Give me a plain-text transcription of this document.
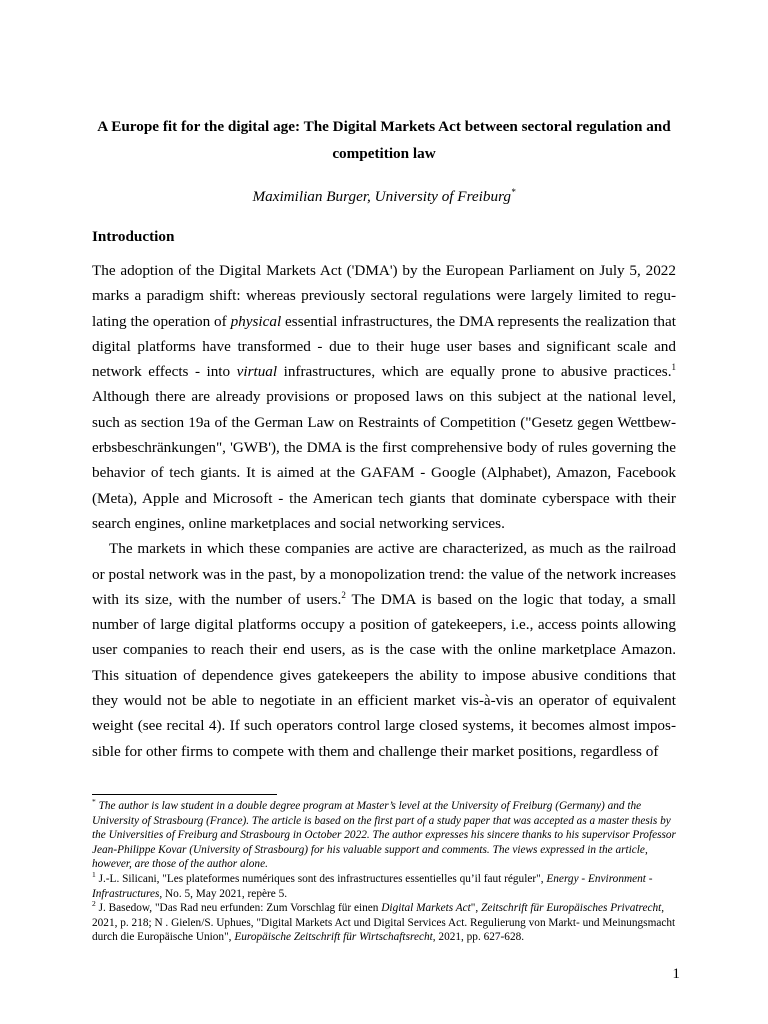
A Europe fit for the digital age: The Digital Markets Act between sectoral regulation and competition law
Maximilian Burger, University of Freiburg*
Introduction

The adoption of the Digital Markets Act ('DMA') by the European Parliament on July 5, 2022 marks a paradigm shift: whereas previously sectoral regulations were largely limited to regulating the operation of physical essential infrastructures, the DMA represents the realization that digital platforms have transformed - due to their huge user bases and significant scale and network effects - into virtual infrastructures, which are equally prone to abusive practices.$^1$ Although there are already provisions or proposed laws on this subject at the national level, such as section 19a of the German Law on Restraints of Competition ("Gesetz gegen Wettbewerbsbeschränkungen", 'GWB'), the DMA is the first comprehensive body of rules governing the behavior of tech giants. It is aimed at the GAFAM - Google (Alphabet), Amazon, Facebook (Meta), Apple and Microsoft - the American tech giants that dominate cyberspace with their search engines, online marketplaces and social networking services.

The markets in which these companies are active are characterized, as much as the railroad or postal network was in the past, by a monopolization trend: the value of the network increases with its size, with the number of users.$^2$ The DMA is based on the logic that today, a small number of large digital platforms occupy a position of gatekeepers, i.e., access points allowing user companies to reach their end users, as is the case with the online marketplace Amazon. This situation of dependence gives gatekeepers the ability to impose abusive conditions that they would not be able to negotiate in an efficient market vis-à-vis an operator of equivalent weight (see recital 4). If such operators control large closed systems, it becomes almost impossible for other firms to compete with them and challenge their market positions, regardless of

* The author is law student in a double degree program at Master’s level at the University of Freiburg (Germany) and the University of Strasbourg (France). The article is based on the first part of a study paper that was accepted as a master thesis by the Universities of Freiburg and Strasbourg in October 2022. The author expresses his sincere thanks to his supervisor Professor Jean-Philippe Kovar (University of Strasbourg) for his valuable support and comments. The views expressed in the article, however, are those of the author alone.

$^1$ J.-L. Silicani, "Les plateformes numériques sont des infrastructures essentielles qu’il faut réguler", Energy - Environment - Infrastructures, No. 5, May 2021, repère 5.

$^2$ J. Basedow, "Das Rad neu erfunden: Zum Vorschlag für einen Digital Markets Act", Zeitschrift für Europäisches Privatrecht, 2021, p. 218; N . Gielen/S. Uphues, "Digital Markets Act und Digital Services Act. Regulierung von Markt- und Meinungsmacht durch die Europäische Union", Europäische Zeitschrift für Wirtschaftsrecht, 2021, pp. 627-628.

1
